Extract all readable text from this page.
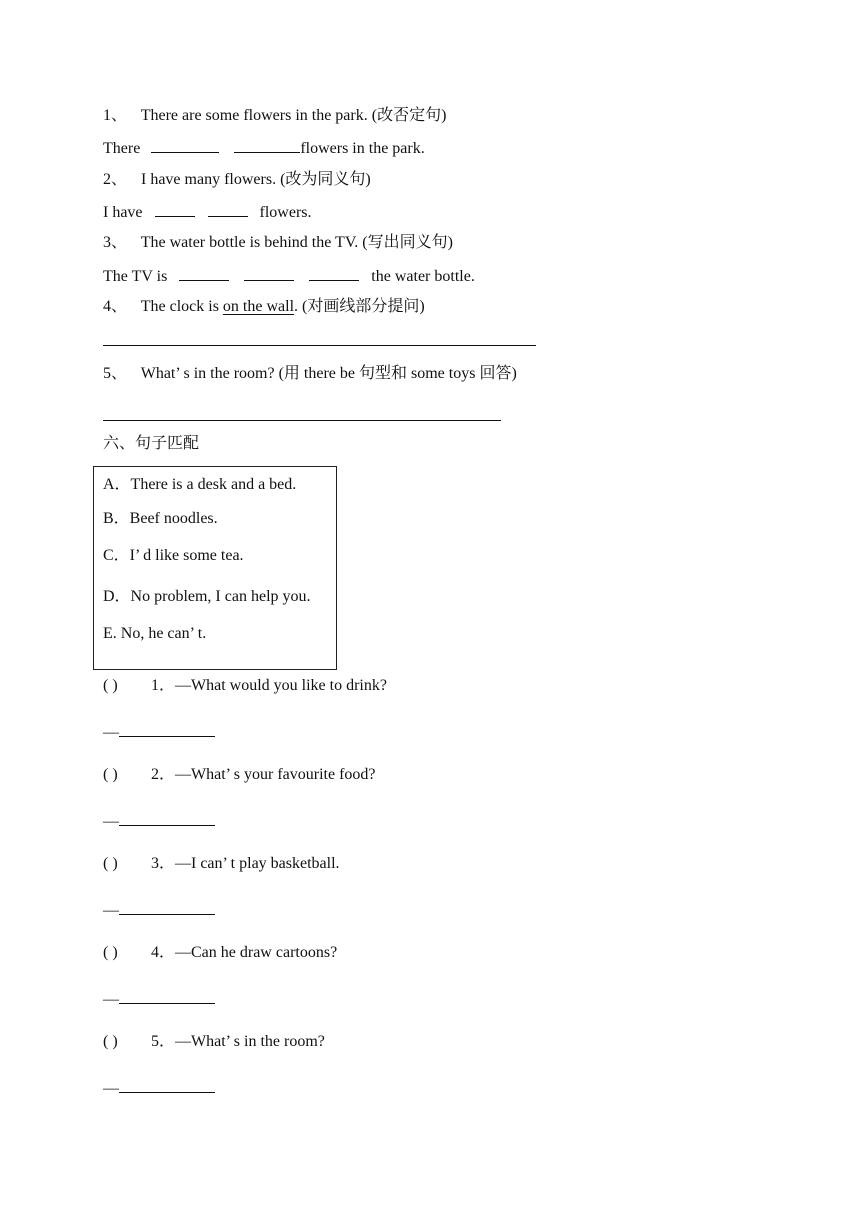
1、 There are some flowers in the park. (改否定句)
There	flowers in the park.
2、 I have many flowers. (改为同义句)
I have	flowers.
3、 The water bottle is behind the TV. (写出同义句)
The TV is	the water bottle.
4、 The clock is on the wall. (对画线部分提问)
5、 What’ s in the room? (用 there be 句型和 some toys 回答)
六、句子匹配
A．There is a desk and a bed.
B．Beef noodles.
C．I’ d like some tea.
D．No problem, I can help you.
E. No, he can’ t.
( ) 1．—What would you like to drink?
—
( ) 2．—What’ s your favourite food?
—
( ) 3．—I can’ t play basketball.
—
( ) 4．—Can he draw cartoons?
—
( ) 5．—What’ s in the room?
—
